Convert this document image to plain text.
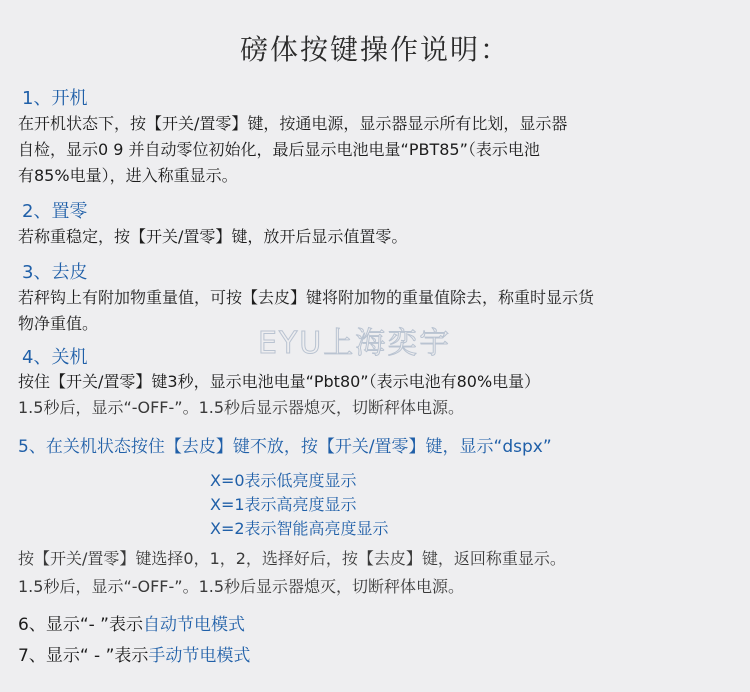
磅体按键操作说明：
1、开机
在开机状态下，按【开关/置零】键，按通电源，显示器显示所有比划，显示器
自检，显示0 9 并自动零位初始化，最后显示电池电量“PBT85”（表示电池
有85%电量），进入称重显示。
2、置零
若称重稳定，按【开关/置零】键，放开后显示值置零。
3、去皮
若秤钩上有附加物重量值，可按【去皮】键将附加物的重量值除去，称重时显示货
物净重值。
EYU上海奕宇
4、关机
按住【开关/置零】键3秒，显示电池电量“Pbt80”（表示电池有80%电量）
1.5秒后，显示“-OFF-”。1.5秒后显示器熄灭，切断秤体电源。
5、在关机状态按住【去皮】键不放，按【开关/置零】键，显示“dspx”
X=0表示低亮度显示
X=1表示高亮度显示
X=2表示智能高亮度显示
按【开关/置零】键选择0，1，2，选择好后，按【去皮】键，返回称重显示。
1.5秒后，显示“-OFF-”。1.5秒后显示器熄灭，切断秤体电源。
6、显示“- ”表示自动节电模式
7、显示“ - ”表示手动节电模式
